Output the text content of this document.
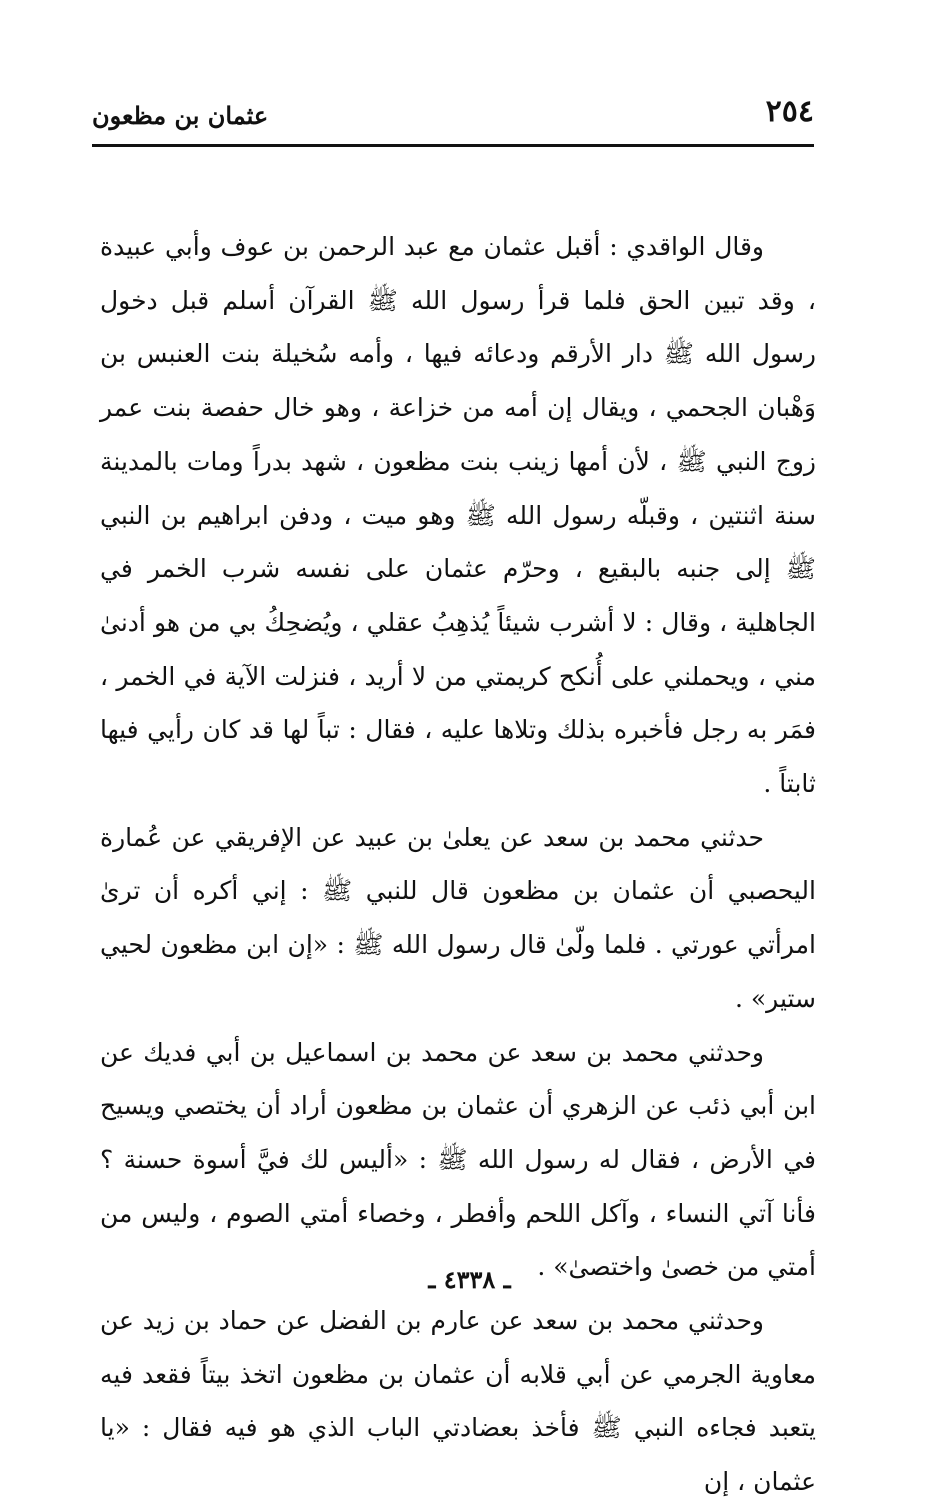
٢٥٤
عثمان بن مظعون

وقال الواقدي : أقبل عثمان مع عبد الرحمن بن عوف وأبي عبيدة ، وقد تبين الحق فلما قرأ رسول الله ﷺ القرآن أسلم قبل دخول رسول الله ﷺ دار الأرقم ودعائه فيها ، وأمه سُخيلة بنت العنبس بن وَهْبان الجحمي ، ويقال إن أمه من خزاعة ، وهو خال حفصة بنت عمر زوج النبي ﷺ ، لأن أمها زينب بنت مظعون ، شهد بدراً ومات بالمدينة سنة اثنتين ، وقبلّه رسول الله ﷺ وهو ميت ، ودفن ابراهيم بن النبي ﷺ إلى جنبه بالبقيع ، وحرّم عثمان على نفسه شرب الخمر في الجاهلية ، وقال : لا أشرب شيئاً يُذهِبُ عقلي ، ويُضحِكُ بي من هو أدنىٰ مني ، ويحملني على أُنكح كريمتي من لا أريد ، فنزلت الآية في الخمر ، فمَر به رجل فأخبره بذلك وتلاها عليه ، فقال : تباً لها قد كان رأيي فيها ثابتاً .

حدثني محمد بن سعد عن يعلىٰ بن عبيد عن الإفريقي عن عُمارة اليحصبي أن عثمان بن مظعون قال للنبي ﷺ : إني أكره أن ترىٰ امرأتي عورتي . فلما ولّىٰ قال رسول الله ﷺ : «إن ابن مظعون لحيي ستير» .

وحدثني محمد بن سعد عن محمد بن اسماعيل بن أبي فديك عن ابن أبي ذئب عن الزهري أن عثمان بن مظعون أراد أن يختصي ويسيح في الأرض ، فقال له رسول الله ﷺ : «أليس لك فيَّ أسوة حسنة ؟ فأنا آتي النساء ، وآكل اللحم وأفطر ، وخصاء أمتي الصوم ، وليس من أمتي من خصىٰ واختصىٰ» .

وحدثني محمد بن سعد عن عارم بن الفضل عن حماد بن زيد عن معاوية الجرمي عن أبي قلابه أن عثمان بن مظعون اتخذ بيتاً فقعد فيه يتعبد فجاءه النبي ﷺ فأخذ بعضادتي الباب الذي هو فيه فقال : «يا عثمان ، إن

ـ ٤٣٣٨ ـ
